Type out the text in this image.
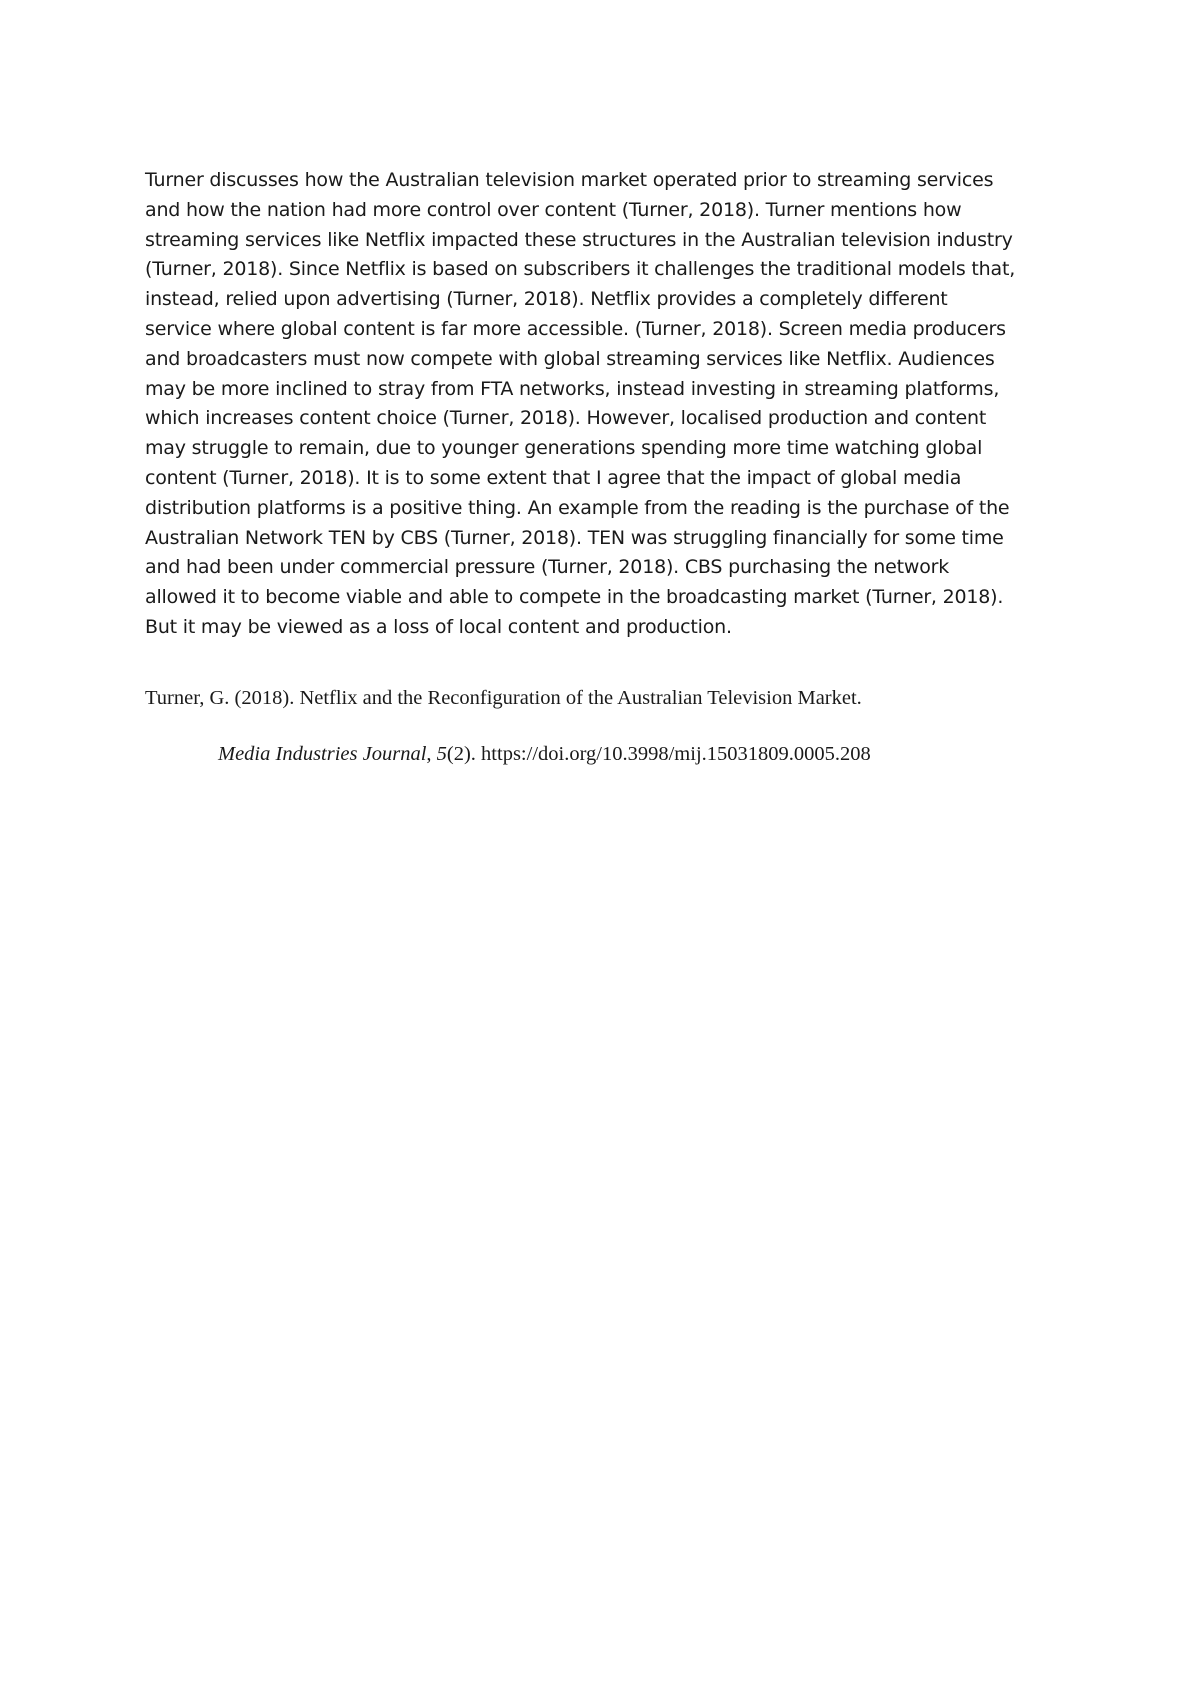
Turner discusses how the Australian television market operated prior to streaming services
and how the nation had more control over content (Turner, 2018). Turner mentions how
streaming services like Netflix impacted these structures in the Australian television industry
(Turner, 2018). Since Netflix is based on subscribers it challenges the traditional models that,
instead, relied upon advertising (Turner, 2018). Netflix provides a completely different
service where global content is far more accessible. (Turner, 2018). Screen media producers
and broadcasters must now compete with global streaming services like Netflix. Audiences
may be more inclined to stray from FTA networks, instead investing in streaming platforms,
which increases content choice (Turner, 2018). However, localised production and content
may struggle to remain, due to younger generations spending more time watching global
content (Turner, 2018). It is to some extent that I agree that the impact of global media
distribution platforms is a positive thing. An example from the reading is the purchase of the
Australian Network TEN by CBS (Turner, 2018). TEN was struggling financially for some time
and had been under commercial pressure (Turner, 2018). CBS purchasing the network
allowed it to become viable and able to compete in the broadcasting market (Turner, 2018).
But it may be viewed as a loss of local content and production.
Turner, G. (2018). Netflix and the Reconfiguration of the Australian Television Market.
Media Industries Journal, 5(2). https://doi.org/10.3998/mij.15031809.0005.208
